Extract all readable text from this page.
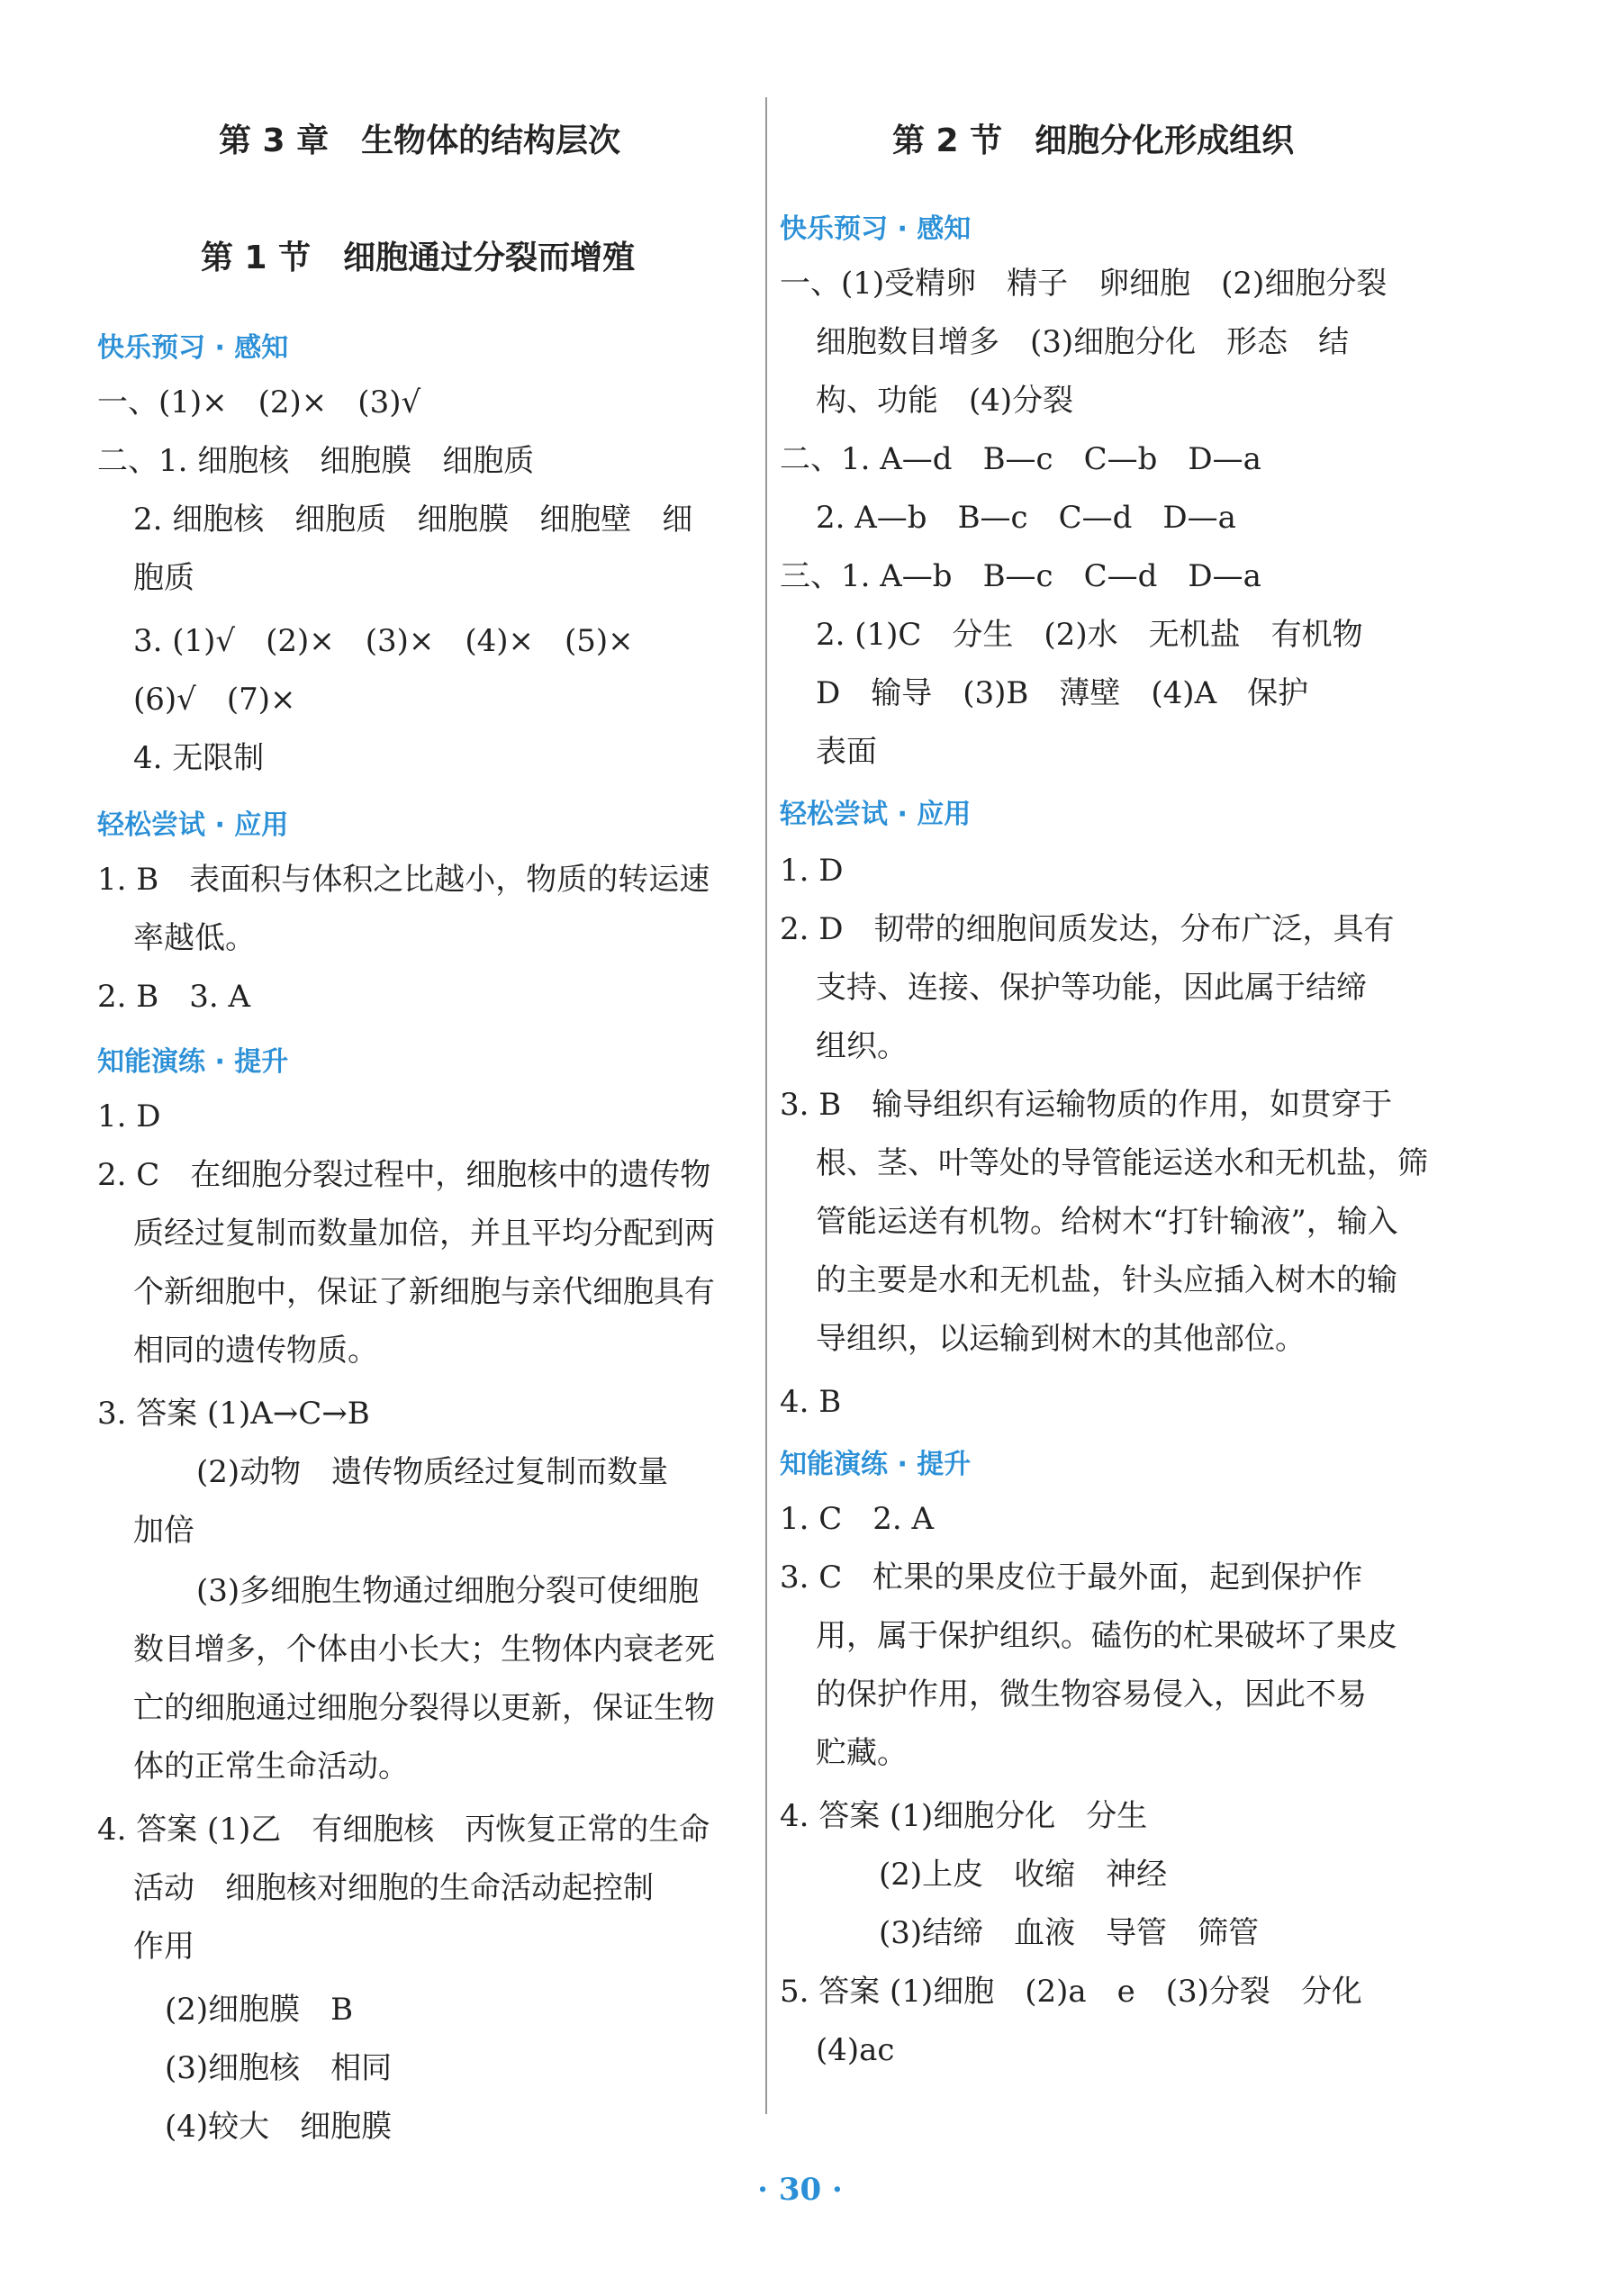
第 3 章　生物体的结构层次
第 1 节　细胞通过分裂而增殖
快乐预习 · 感知
一、(1)×　(2)×　(3)√
二、1. 细胞核　细胞膜　细胞质
2. 细胞核　细胞质　细胞膜　细胞壁　细
胞质
3. (1)√　(2)×　(3)×　(4)×　(5)×
(6)√　(7)×
4. 无限制
轻松尝试 · 应用
1. B　表面积与体积之比越小，物质的转运速
率越低。
2. B　3. A
知能演练 · 提升
1. D
2. C　在细胞分裂过程中，细胞核中的遗传物
质经过复制而数量加倍，并且平均分配到两
个新细胞中，保证了新细胞与亲代细胞具有
相同的遗传物质。
3. 答案 (1)A→C→B
(2)动物　遗传物质经过复制而数量
加倍
(3)多细胞生物通过细胞分裂可使细胞
数目增多，个体由小长大；生物体内衰老死
亡的细胞通过细胞分裂得以更新，保证生物
体的正常生命活动。
4. 答案 (1)乙　有细胞核　丙恢复正常的生命
活动　细胞核对细胞的生命活动起控制
作用
(2)细胞膜　B
(3)细胞核　相同
(4)较大　细胞膜
第 2 节　细胞分化形成组织
快乐预习 · 感知
一、(1)受精卵　精子　卵细胞　(2)细胞分裂
细胞数目增多　(3)细胞分化　形态　结
构、功能　(4)分裂
二、1. A—d　B—c　C—b　D—a
2. A—b　B—c　C—d　D—a
三、1. A—b　B—c　C—d　D—a
2. (1)C　分生　(2)水　无机盐　有机物
D　输导　(3)B　薄壁　(4)A　保护
表面
轻松尝试 · 应用
1. D
2. D　韧带的细胞间质发达，分布广泛，具有
支持、连接、保护等功能，因此属于结缔
组织。
3. B　输导组织有运输物质的作用，如贯穿于
根、茎、叶等处的导管能运送水和无机盐，筛
管能运送有机物。给树木“打针输液”，输入
的主要是水和无机盐，针头应插入树木的输
导组织，以运输到树木的其他部位。
4. B
知能演练 · 提升
1. C　2. A
3. C　杧果的果皮位于最外面，起到保护作
用，属于保护组织。磕伤的杧果破坏了果皮
的保护作用，微生物容易侵入，因此不易
贮藏。
4. 答案 (1)细胞分化　分生
(2)上皮　收缩　神经
(3)结缔　血液　导管　筛管
5. 答案 (1)细胞　(2)a　e　(3)分裂　分化
(4)ac
· 30 ·
